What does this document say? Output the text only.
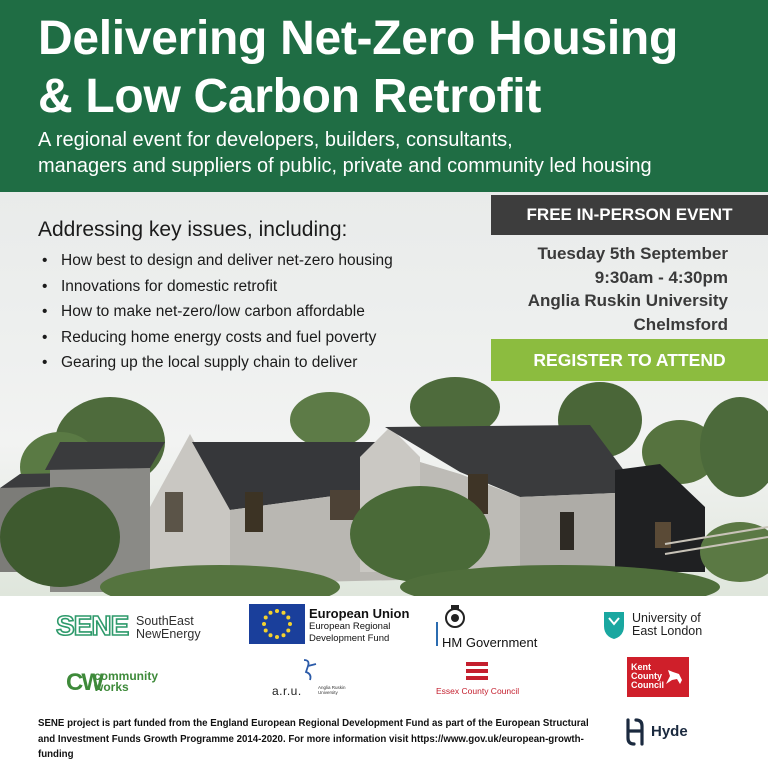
Delivering Net-Zero Housing
& Low Carbon Retrofit

A regional event for developers, builders, consultants,
managers and suppliers of public, private and community led housing

Addressing key issues, including:

• How best to design and deliver net-zero housing
• Innovations for domestic retrofit
• How to make net-zero/low carbon affordable
• Reducing home energy costs and fuel poverty
• Gearing up the local supply chain to deliver
FREE IN-PERSON EVENT
Tuesday 5th September
9:30am - 4:30pm
Anglia Ruskin University
Chelmsford
REGISTER TO ATTEND
SENE SouthEast
NewEnergy
European Union
European Regional
Development Fund	HM Government
University of
East London
CW
community
works	a.r.u.	Anglia Ruskin
University	Essex County Council
Kent
County
Council

SENE project is part funded from the England European Regional Development Fund as part of the European Structural and Investment Funds Growth Programme 2014-2020. For more information visit https://www.gov.uk/european-growth-funding

Hyde
